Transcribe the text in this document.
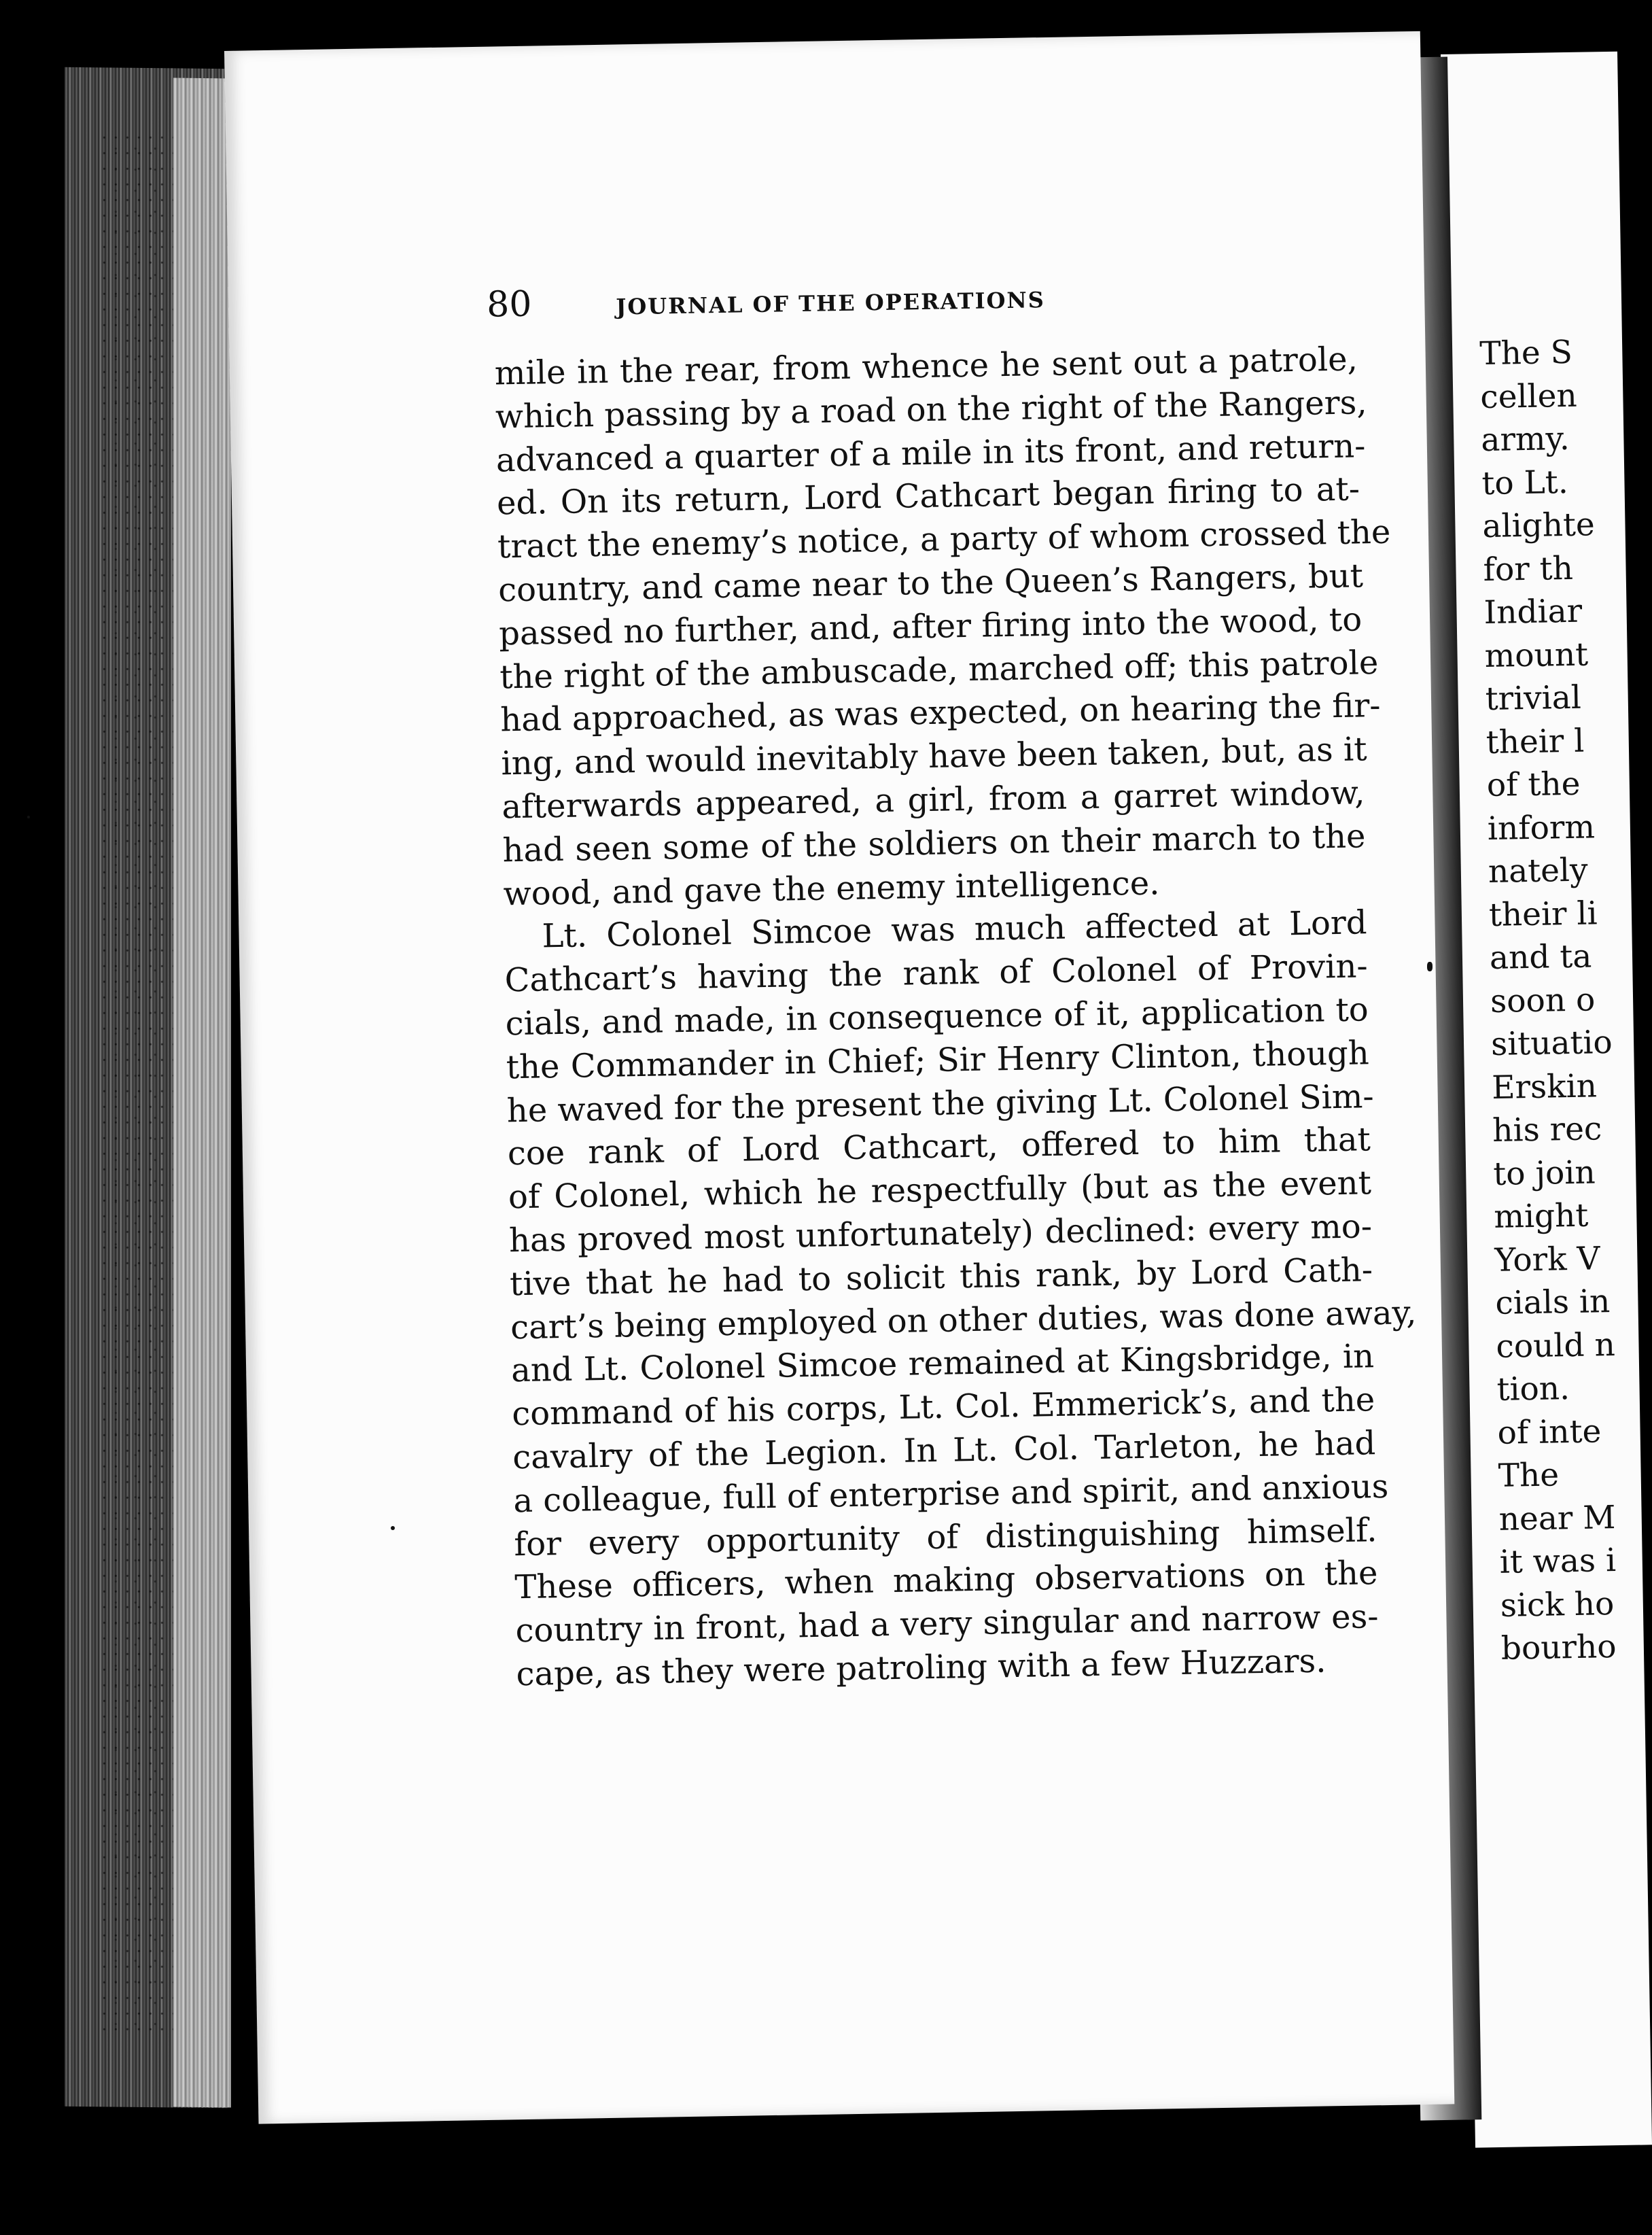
The S
cellen
army.
to Lt.
alighte
for th
Indiar
mount
trivial
their l
of the
inform
nately
their li
and ta
soon o
situatio
Erskin
his rec
to join
might
York V
cials in
could n
tion.
of inte
The
near M
it was i
sick ho
bourho
80	JOURNAL OF THE OPERATIONS
mile in the rear, from whence he sent out a patrole,
which passing by a road on the right of the Rangers,
advanced a quarter of a mile in its front, and return-
ed. On its return, Lord Cathcart began firing to at-
tract the enemy’s notice, a party of whom crossed the
country, and came near to the Queen’s Rangers, but
passed no further, and, after firing into the wood, to
the right of the ambuscade, marched off; this patrole
had approached, as was expected, on hearing the fir-
ing, and would inevitably have been taken, but, as it
afterwards appeared, a girl, from a garret window,
had seen some of the soldiers on their march to the
wood, and gave the enemy intelligence.
Lt. Colonel Simcoe was much affected at Lord
Cathcart’s having the rank of Colonel of Provin-
cials, and made, in consequence of it, application to
the Commander in Chief; Sir Henry Clinton, though
he waved for the present the giving Lt. Colonel Sim-
coe rank of Lord Cathcart, offered to him that
of Colonel, which he respectfully (but as the event
has proved most unfortunately) declined: every mo-
tive that he had to solicit this rank, by Lord Cath-
cart’s being employed on other duties, was done away,
and Lt. Colonel Simcoe remained at Kingsbridge, in
command of his corps, Lt. Col. Emmerick’s, and the
cavalry of the Legion. In Lt. Col. Tarleton, he had
a colleague, full of enterprise and spirit, and anxious
for every opportunity of distinguishing himself.
These officers, when making observations on the
country in front, had a very singular and narrow es-
cape, as they were patroling with a few Huzzars.
